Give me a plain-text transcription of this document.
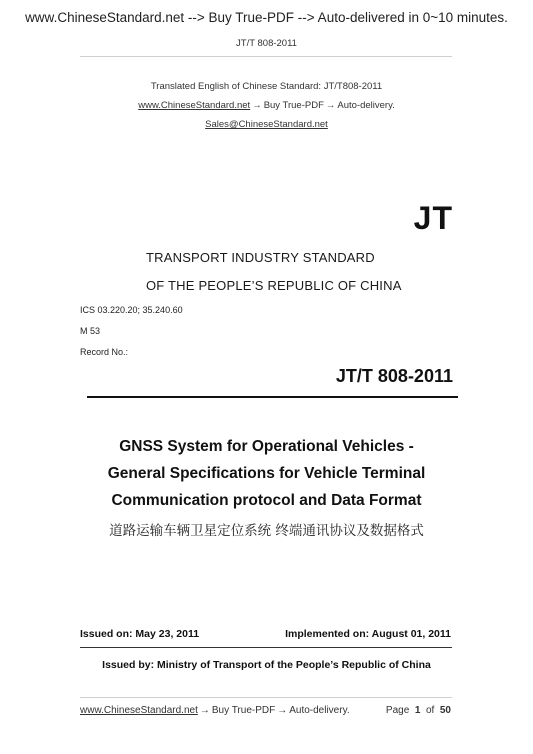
www.ChineseStandard.net --> Buy True-PDF --> Auto-delivered in 0~10 minutes.
JT/T 808-2011
Translated English of Chinese Standard: JT/T808-2011
www.ChineseStandard.net → Buy True-PDF → Auto-delivery.
Sales@ChineseStandard.net
JT
TRANSPORT INDUSTRY STANDARD
OF THE PEOPLE’S REPUBLIC OF CHINA
ICS 03.220.20; 35.240.60
M 53
Record No.:
JT/T 808-2011
GNSS System for Operational Vehicles -
General Specifications for Vehicle Terminal
Communication protocol and Data Format
道路运输车辆卫星定位系统 终端通讯协议及数据格式
Issued on: May 23, 2011	Implemented on: August 01, 2011
Issued by: Ministry of Transport of the People’s Republic of China
www.ChineseStandard.net → Buy True-PDF → Auto-delivery.	Page 1 of 50
